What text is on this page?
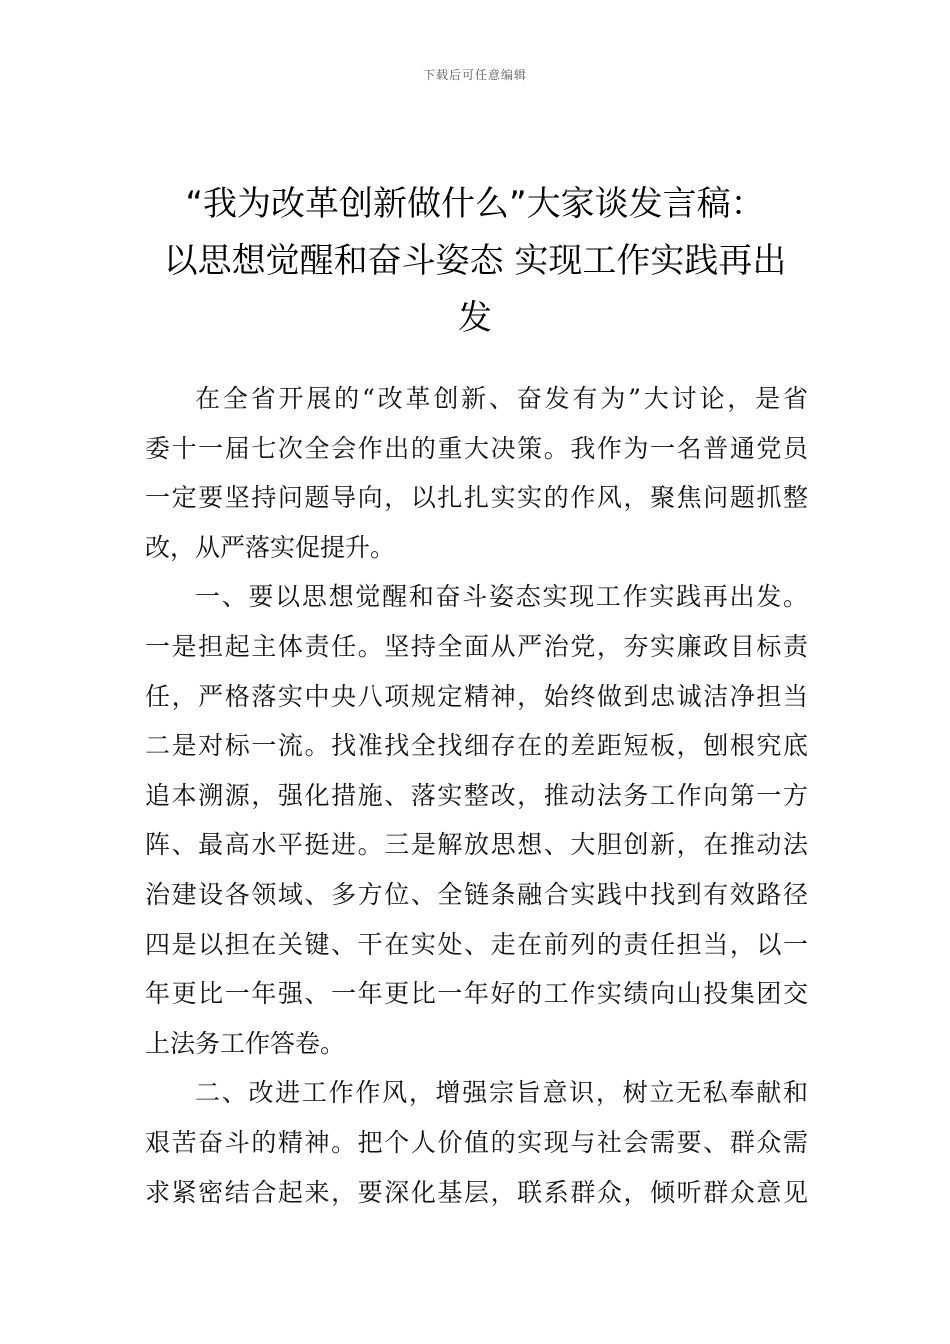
下载后可任意编辑
“我为改革创新做什么”大家谈发言稿：
以思想觉醒和奋斗姿态 实现工作实践再出
发
在全省开展的“改革创新、奋发有为”大讨论，是省
委十一届七次全会作出的重大决策。我作为一名普通党员
一定要坚持问题导向，以扎扎实实的作风，聚焦问题抓整
改，从严落实促提升。
一、要以思想觉醒和奋斗姿态实现工作实践再出发。
一是担起主体责任。坚持全面从严治党，夯实廉政目标责
任，严格落实中央八项规定精神，始终做到忠诚洁净担当
二是对标一流。找准找全找细存在的差距短板，刨根究底
追本溯源，强化措施、落实整改，推动法务工作向第一方
阵、最高水平挺进。三是解放思想、大胆创新，在推动法
治建设各领域、多方位、全链条融合实践中找到有效路径
四是以担在关键、干在实处、走在前列的责任担当，以一
年更比一年强、一年更比一年好的工作实绩向山投集团交
上法务工作答卷。
二、改进工作作风，增强宗旨意识，树立无私奉献和
艰苦奋斗的精神。把个人价值的实现与社会需要、群众需
求紧密结合起来，要深化基层，联系群众，倾听群众意见
